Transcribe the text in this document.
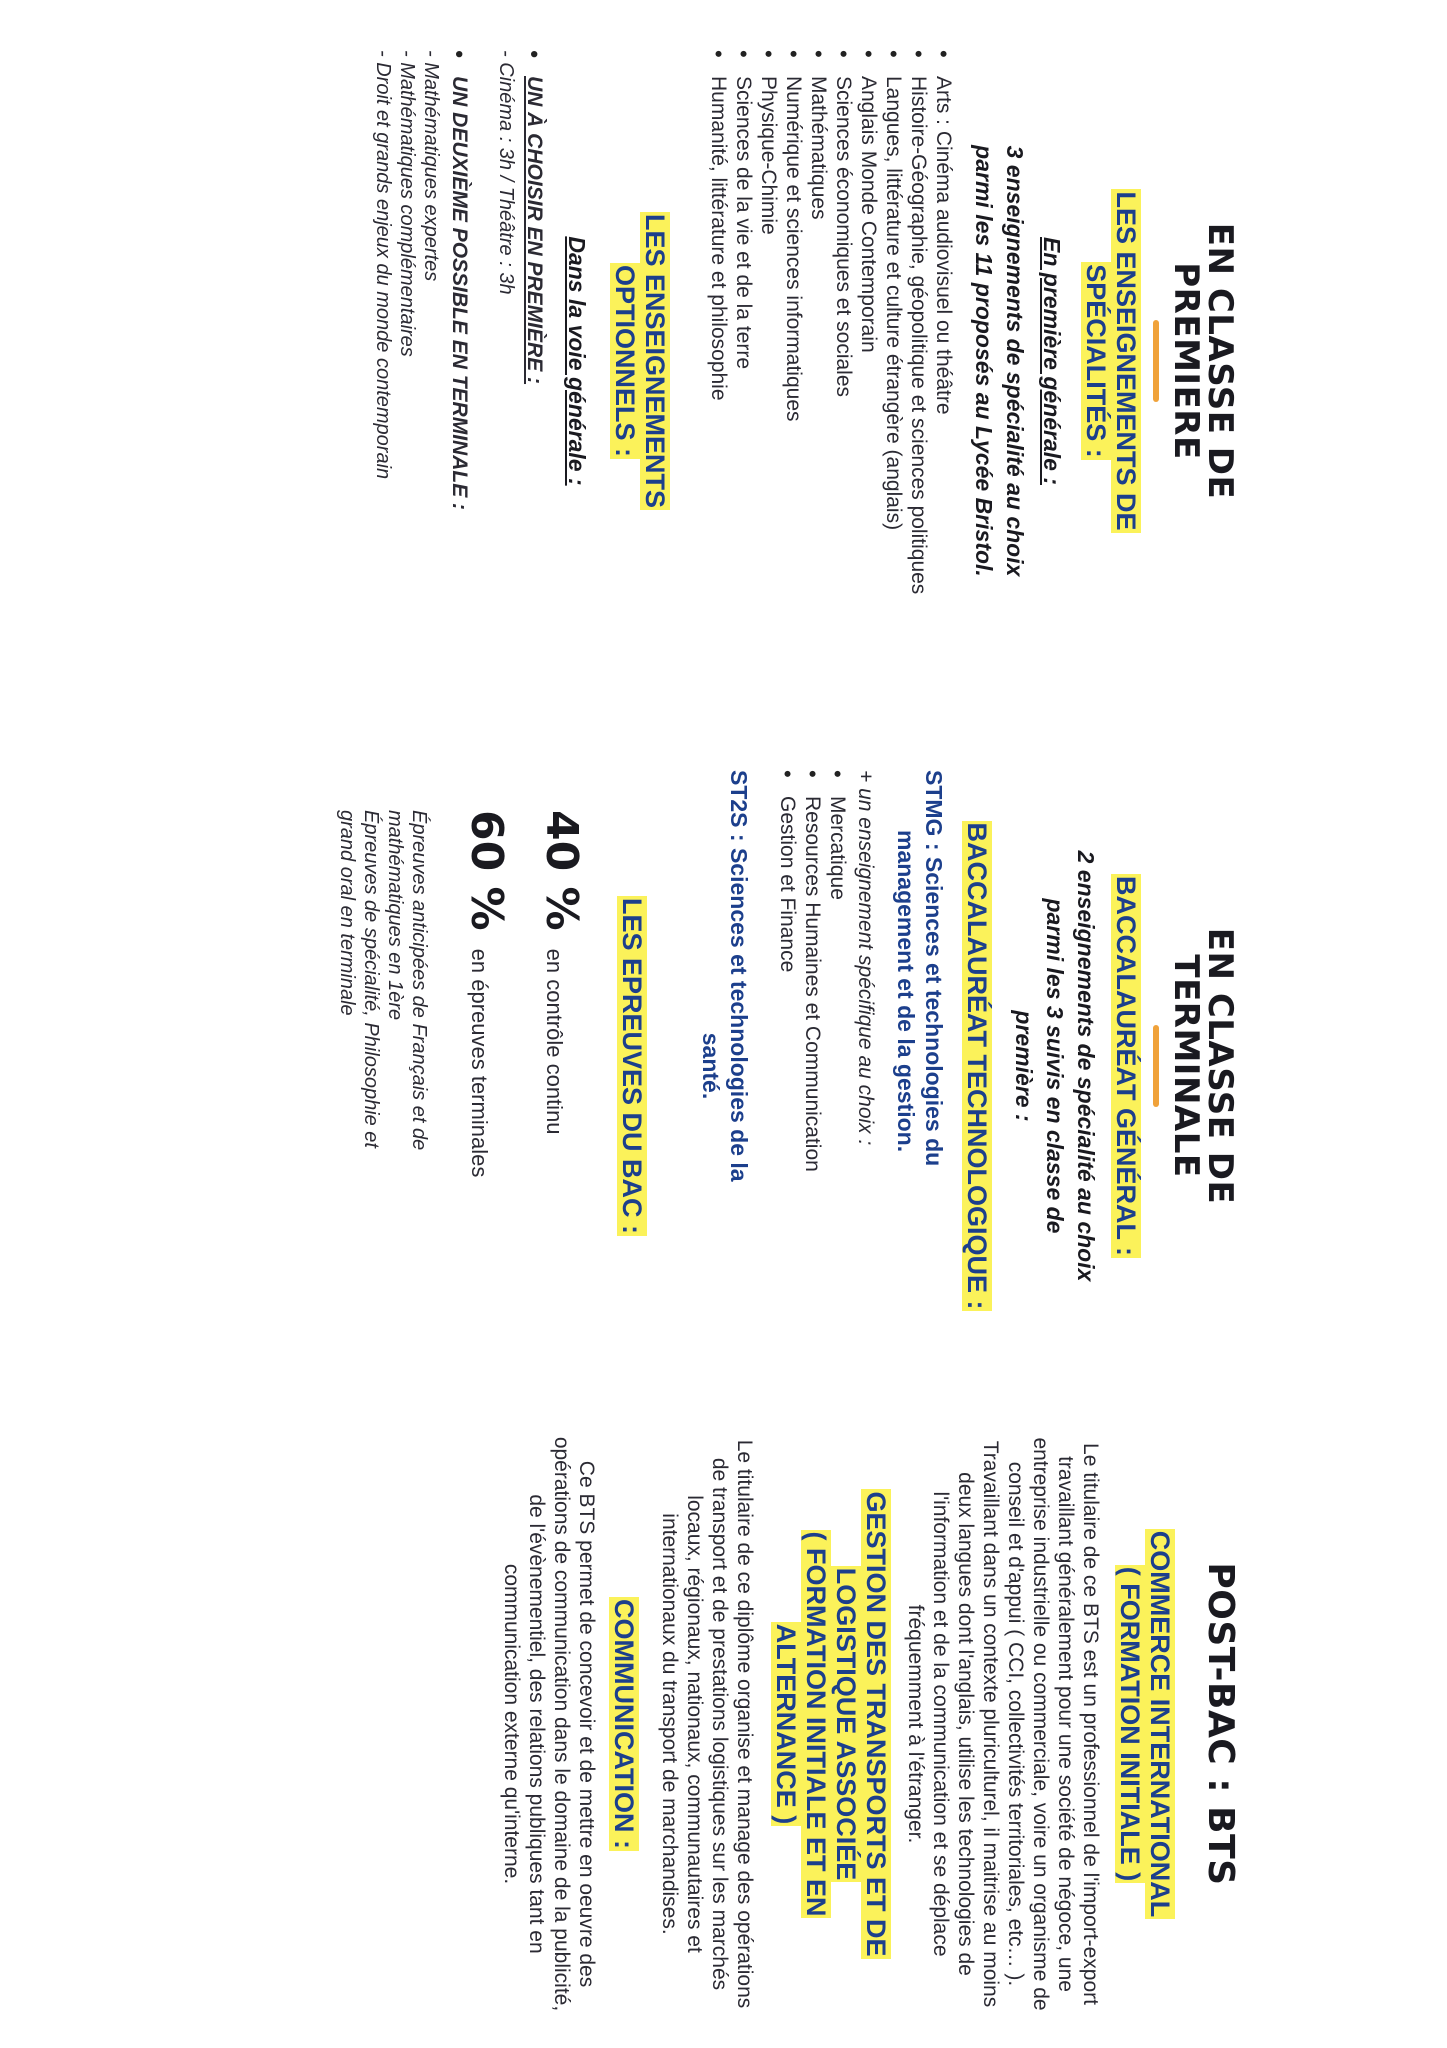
EN CLASSE DE
PREMIERE
LES ENSEIGNEMENTS DE
SPÉCIALITÉS :

En première générale :

3 enseignements de spécialité au choix

parmi les 11 proposés au Lycée Bristol.

• Arts : Cinéma audiovisuel ou théâtre
• Histoire-Géographie, géopolitique et sciences politiques
• Langues, littérature et culture étrangère (anglais)
• Anglais Monde Contemporain
• Sciences économiques et sociales
• Mathématiques
• Numérique et sciences informatiques
• Physique-Chimie
• Sciences de la vie et de la terre
• Humanité, littérature et philosophie
LES ENSEIGNEMENTS
OPTIONNELS :

Dans la voie générale :

• UN À CHOISIR EN PREMIÈRE :
- Cinéma : 3h / Théâtre : 3h
• UN DEUXIÈME POSSIBLE EN TERMINALE :
- Mathématiques expertes
- Mathématiques complémentaires
- Droit et grands enjeux du monde contemporain
EN CLASSE DE
TERMINALE
BACCALAURÉAT GÉNÉRAL :

2 enseignements de spécialité au choix

parmi les 3 suivis en classe de

première :

BACCALAURÉAT TECHNOLOGIQUE :
STMG : Sciences et technologies du
management et de la gestion.

+ un enseignement spécifique au choix :

• Mercatique
• Resources Humaines et Communication
• Gestion et Finance
ST2S : Sciences et technologies de la
santé.
LES EPREUVES DU BAC :
40 %
en contrôle continu
60 %
en épreuves terminales
Épreuves anticipées de Français et de
mathématiques en 1ère
Épreuves de spécialité, Philosophie et
grand oral en terminale
POST-BAC : BTS
COMMERCE INTERNATIONAL
( FORMATION INITIALE )

Le titulaire de ce BTS est un professionnel de l'import-export travaillant généralement pour une société de négoce, une entreprise industrielle ou commerciale, voire un organisme de conseil et d'appui ( CCI, collectivités territoriales, etc… ). Travaillant dans un contexte pluriculturel, il maitrise au moins deux langues dont l'anglais, utilise les technologies de l'information et de la communication et se déplace fréquemment à l'étranger.

GESTION DES TRANSPORTS ET DE
LOGISTIQUE ASSOCIÉE
( FORMATION INITIALE ET EN
ALTERNANCE )

Le titulaire de ce diplôme organise et manage des opérations de transport et de prestations logistiques sur les marchés locaux, régionaux, nationaux, communautaires et internationaux du transport de marchandises.

COMMUNICATION :

Ce BTS permet de concevoir et de mettre en oeuvre des opérations de communication dans le domaine de la publicité, de l'évènementiel, des relations publiques tant en communication externe qu'interne.
